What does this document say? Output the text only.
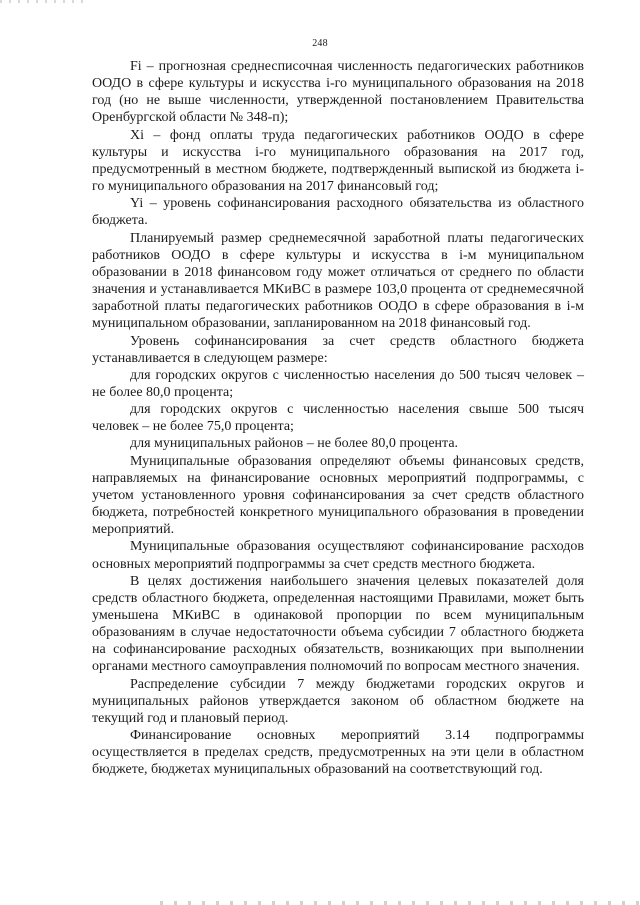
248

Fi – прогнозная среднесписочная численность педагогических работников ООДО в сфере культуры и искусства i-го муниципального образования на 2018 год (но не выше численности, утвержденной постановлением Правительства Оренбургской области № 348-п);

Xi – фонд оплаты труда педагогических работников ООДО в сфере культуры и искусства i-го муниципального образования на 2017 год, предусмотренный в местном бюджете, подтвержденный выпиской из бюджета i-го муниципального образования на 2017 финансовый год;

Yi – уровень софинансирования расходного обязательства из областного бюджета.

Планируемый размер среднемесячной заработной платы педагогических работников ООДО в сфере культуры и искусства в i-м муниципальном образовании в 2018 финансовом году может отличаться от среднего по области значения и устанавливается МКиВС в размере 103,0 процента от среднемесячной заработной платы педагогических работников ООДО в сфере образования в i-м муниципальном образовании, запланированном на 2018 финансовый год.

Уровень софинансирования за счет средств областного бюджета устанавливается в следующем размере:

для городских округов с численностью населения до 500 тысяч человек – не более 80,0 процента;

для городских округов с численностью населения свыше 500 тысяч человек – не более 75,0 процента;

для муниципальных районов – не более 80,0 процента.

Муниципальные образования определяют объемы финансовых средств, направляемых на финансирование основных мероприятий подпрограммы, с учетом установленного уровня софинансирования за счет средств областного бюджета, потребностей конкретного муниципального образования в проведении мероприятий.

Муниципальные образования осуществляют софинансирование расходов основных мероприятий подпрограммы за счет средств местного бюджета.

В целях достижения наибольшего значения целевых показателей доля средств областного бюджета, определенная настоящими Правилами, может быть уменьшена МКиВС в одинаковой пропорции по всем муниципальным образованиям в случае недостаточности объема субсидии 7 областного бюджета на софинансирование расходных обязательств, возникающих при выполнении органами местного самоуправления полномочий по вопросам местного значения.

Распределение субсидии 7 между бюджетами городских округов и муниципальных районов утверждается законом об областном бюджете на текущий год и плановый период.

Финансирование основных мероприятий 3.14 подпрограммы осуществляется в пределах средств, предусмотренных на эти цели в областном бюджете, бюджетах муниципальных образований на соответствующий год.
